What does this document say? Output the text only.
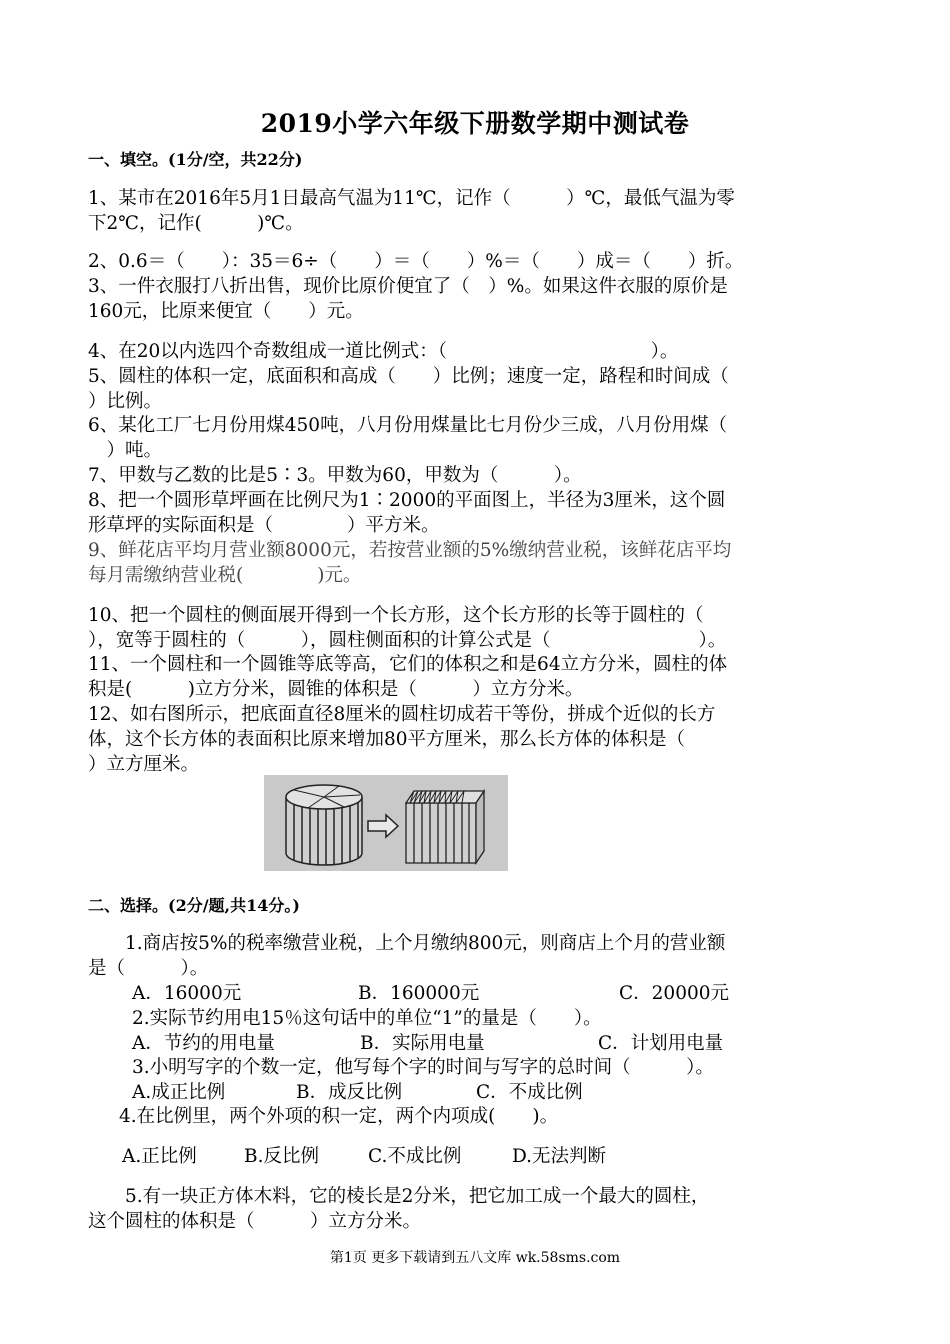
2019小学六年级下册数学期中测试卷
一、填空。(1分/空，共22分)
1、某市在2016年5月1日最高气温为11℃，记作（　　　）℃，最低气温为零
下2℃，记作(　　　)℃。
2、0.6＝（　　）：35＝6÷（　　）＝（　　）%＝（　　）成＝（　　）折。
3、一件衣服打八折出售，现价比原价便宜了（　）%。如果这件衣服的原价是
160元，比原来便宜（　　）元。
4、在20以内选四个奇数组成一道比例式：（　　　　　　　　　　　）。
5、圆柱的体积一定，底面积和高成（　　）比例；速度一定，路程和时间成（
）比例。
6、某化工厂七月份用煤450吨，八月份用煤量比七月份少三成，八月份用煤（
　）吨。
7、甲数与乙数的比是5∶3。甲数为60，甲数为（　　　）。
8、把一个圆形草坪画在比例尺为1∶2000的平面图上，半径为3厘米，这个圆
形草坪的实际面积是（　　　　）平方米。
9、鲜花店平均月营业额8000元，若按营业额的5%缴纳营业税，该鲜花店平均
每月需缴纳营业税(　　　　)元。
10、把一个圆柱的侧面展开得到一个长方形，这个长方形的长等于圆柱的（
），宽等于圆柱的（　　　），圆柱侧面积的计算公式是（　　　　　　　　）。
11、一个圆柱和一个圆锥等底等高，它们的体积之和是64立方分米，圆柱的体
积是(　　　)立方分米，圆锥的体积是（　　　）立方分米。
12、如右图所示，把底面直径8厘米的圆柱切成若干等份，拼成个近似的长方
体，这个长方体的表面积比原来增加80平方厘米，那么长方体的体积是（
）立方厘米。
二、选择。(2分/题,共14分。)
　　1.商店按5%的税率缴营业税，上个月缴纳800元，则商店上个月的营业额
是（　　　）。
A．16000元	B．160000元	C．20000元
2.实际节约用电15％这句话中的单位“1”的量是（　　）。
A．节约的用电量	B．实际用电量	C．计划用电量
3.小明写字的个数一定，他写每个字的时间与写字的总时间（　　　）。
A.成正比例	B．成反比例	C．不成比例
4.在比例里，两个外项的积一定，两个内项成(　　)。
A.正比例	B.反比例	C.不成比例	D.无法判断
　　5.有一块正方体木料，它的棱长是2分米，把它加工成一个最大的圆柱，
这个圆柱的体积是（　　　）立方分米。
第1页 更多下载请到五八文库 wk.58sms.com
